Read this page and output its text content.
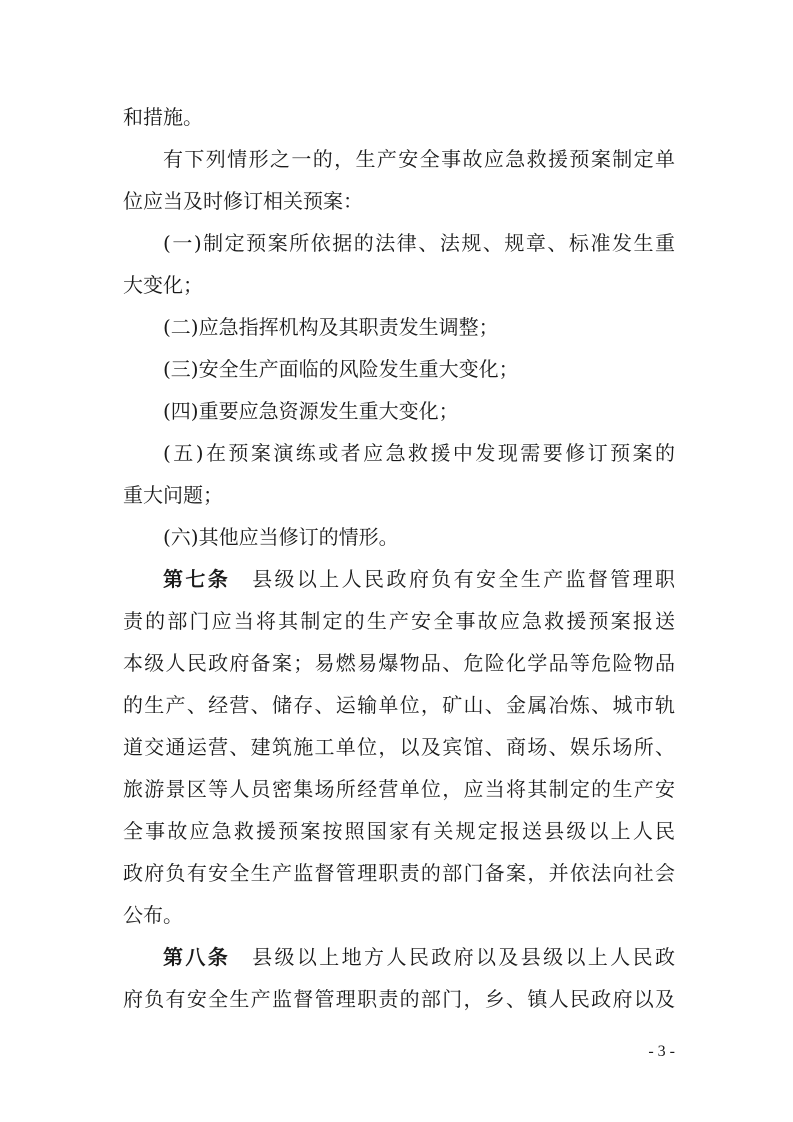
和措施。
有下列情形之一的，生产安全事故应急救援预案制定单
位应当及时修订相关预案：
(一)制定预案所依据的法律、法规、规章、标准发生重
大变化；
(二)应急指挥机构及其职责发生调整；
(三)安全生产面临的风险发生重大变化；
(四)重要应急资源发生重大变化；
(五)在预案演练或者应急救援中发现需要修订预案的
重大问题；
(六)其他应当修订的情形。
第七条 县级以上人民政府负有安全生产监督管理职
责的部门应当将其制定的生产安全事故应急救援预案报送
本级人民政府备案；易燃易爆物品、危险化学品等危险物品
的生产、经营、储存、运输单位，矿山、金属冶炼、城市轨
道交通运营、建筑施工单位，以及宾馆、商场、娱乐场所、
旅游景区等人员密集场所经营单位，应当将其制定的生产安
全事故应急救援预案按照国家有关规定报送县级以上人民
政府负有安全生产监督管理职责的部门备案，并依法向社会
公布。
第八条 县级以上地方人民政府以及县级以上人民政
府负有安全生产监督管理职责的部门，乡、镇人民政府以及
- 3 -
